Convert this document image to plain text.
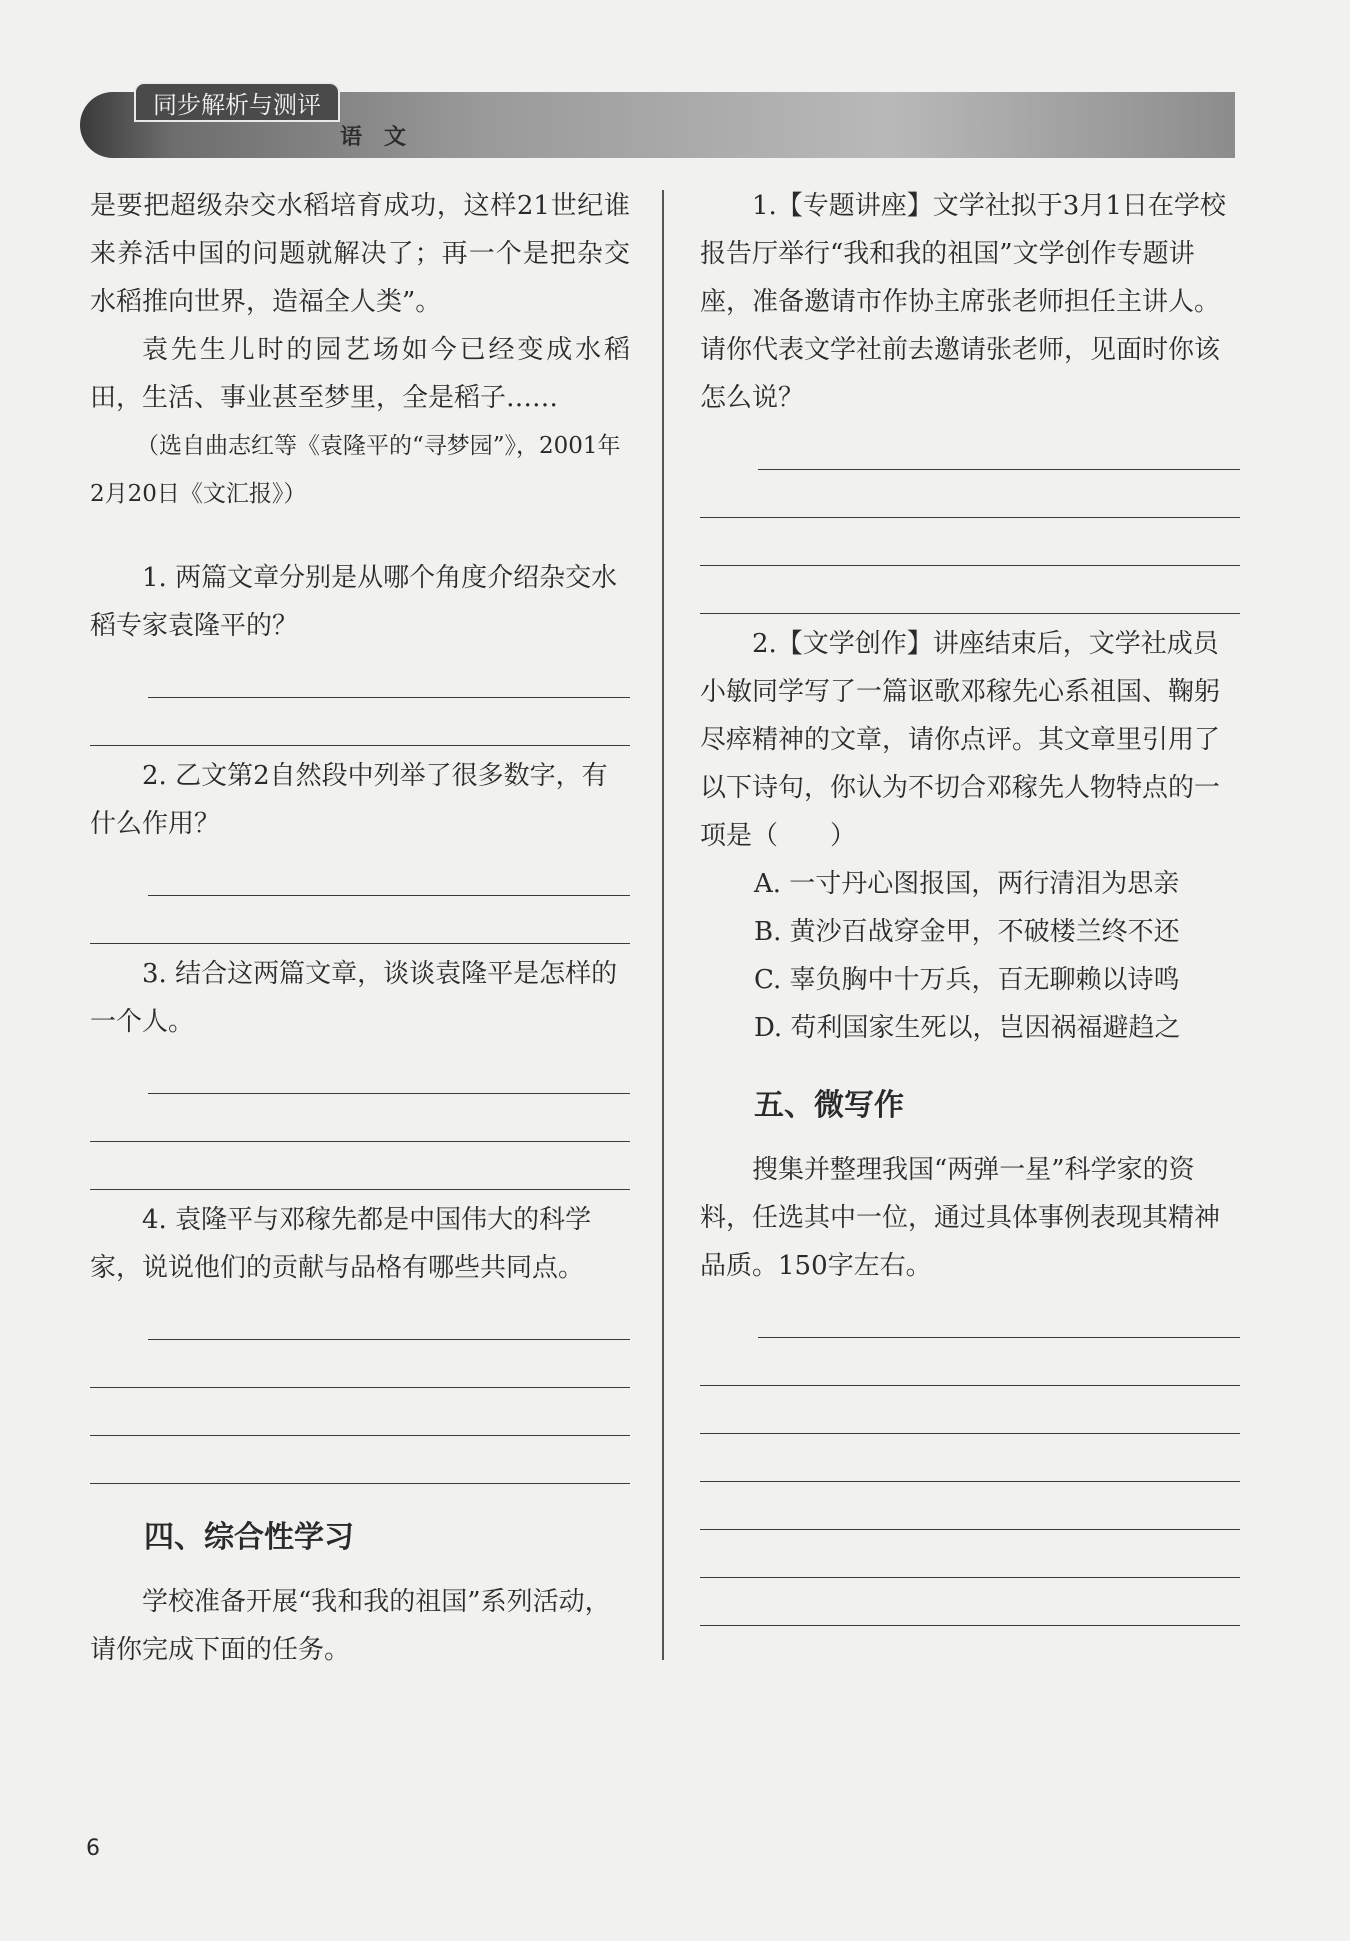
同步解析与测评
语文

是要把超级杂交水稻培育成功，这样21世纪谁来养活中国的问题就解决了；再一个是把杂交水稻推向世界，造福全人类”。

袁先生儿时的园艺场如今已经变成水稻田，生活、事业甚至梦里，全是稻子……

（选自曲志红等《袁隆平的“寻梦园”》，2001年2月20日《文汇报》）

1. 两篇文章分别是从哪个角度介绍杂交水稻专家袁隆平的？

2. 乙文第2自然段中列举了很多数字，有什么作用？

3. 结合这两篇文章，谈谈袁隆平是怎样的一个人。

4. 袁隆平与邓稼先都是中国伟大的科学家，说说他们的贡献与品格有哪些共同点。

四、综合性学习

学校准备开展“我和我的祖国”系列活动，请你完成下面的任务。

1.【专题讲座】文学社拟于3月1日在学校报告厅举行“我和我的祖国”文学创作专题讲座，准备邀请市作协主席张老师担任主讲人。请你代表文学社前去邀请张老师，见面时你该怎么说？

2.【文学创作】讲座结束后，文学社成员小敏同学写了一篇讴歌邓稼先心系祖国、鞠躬尽瘁精神的文章，请你点评。其文章里引用了以下诗句，你认为不切合邓稼先人物特点的一项是（　　）

A. 一寸丹心图报国，两行清泪为思亲

B. 黄沙百战穿金甲，不破楼兰终不还

C. 辜负胸中十万兵，百无聊赖以诗鸣

D. 苟利国家生死以，岂因祸福避趋之

五、微写作

搜集并整理我国“两弹一星”科学家的资料，任选其中一位，通过具体事例表现其精神品质。150字左右。

6
